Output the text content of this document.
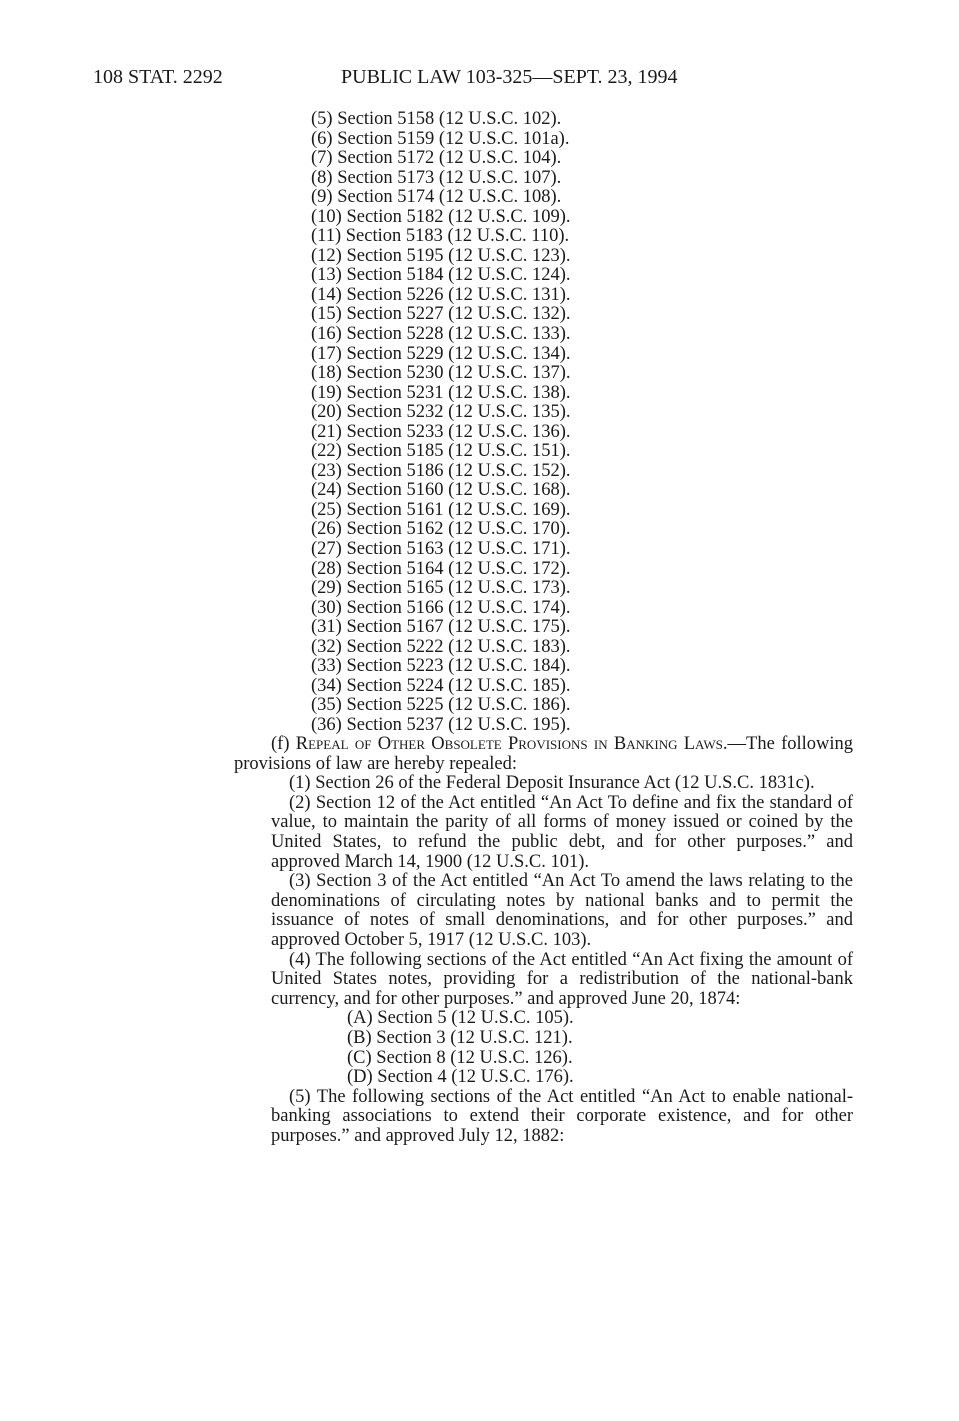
108 STAT. 2292	PUBLIC LAW 103-325—SEPT. 23, 1994
(5) Section 5158 (12 U.S.C. 102).
(6) Section 5159 (12 U.S.C. 101a).
(7) Section 5172 (12 U.S.C. 104).
(8) Section 5173 (12 U.S.C. 107).
(9) Section 5174 (12 U.S.C. 108).
(10) Section 5182 (12 U.S.C. 109).
(11) Section 5183 (12 U.S.C. 110).
(12) Section 5195 (12 U.S.C. 123).
(13) Section 5184 (12 U.S.C. 124).
(14) Section 5226 (12 U.S.C. 131).
(15) Section 5227 (12 U.S.C. 132).
(16) Section 5228 (12 U.S.C. 133).
(17) Section 5229 (12 U.S.C. 134).
(18) Section 5230 (12 U.S.C. 137).
(19) Section 5231 (12 U.S.C. 138).
(20) Section 5232 (12 U.S.C. 135).
(21) Section 5233 (12 U.S.C. 136).
(22) Section 5185 (12 U.S.C. 151).
(23) Section 5186 (12 U.S.C. 152).
(24) Section 5160 (12 U.S.C. 168).
(25) Section 5161 (12 U.S.C. 169).
(26) Section 5162 (12 U.S.C. 170).
(27) Section 5163 (12 U.S.C. 171).
(28) Section 5164 (12 U.S.C. 172).
(29) Section 5165 (12 U.S.C. 173).
(30) Section 5166 (12 U.S.C. 174).
(31) Section 5167 (12 U.S.C. 175).
(32) Section 5222 (12 U.S.C. 183).
(33) Section 5223 (12 U.S.C. 184).
(34) Section 5224 (12 U.S.C. 185).
(35) Section 5225 (12 U.S.C. 186).
(36) Section 5237 (12 U.S.C. 195).

(f) Repeal of Other Obsolete Provisions in Banking Laws.—The following provisions of law are hereby repealed:

(1) Section 26 of the Federal Deposit Insurance Act (12 U.S.C. 1831c).

(2) Section 12 of the Act entitled “An Act To define and fix the standard of value, to maintain the parity of all forms of money issued or coined by the United States, to refund the public debt, and for other purposes.” and approved March 14, 1900 (12 U.S.C. 101).

(3) Section 3 of the Act entitled “An Act To amend the laws relating to the denominations of circulating notes by national banks and to permit the issuance of notes of small denominations, and for other purposes.” and approved October 5, 1917 (12 U.S.C. 103).

(4) The following sections of the Act entitled “An Act fixing the amount of United States notes, providing for a redistribution of the national-bank currency, and for other purposes.” and approved June 20, 1874:

(A) Section 5 (12 U.S.C. 105).

(B) Section 3 (12 U.S.C. 121).

(C) Section 8 (12 U.S.C. 126).

(D) Section 4 (12 U.S.C. 176).

(5) The following sections of the Act entitled “An Act to enable national-banking associations to extend their corporate existence, and for other purposes.” and approved July 12, 1882:
